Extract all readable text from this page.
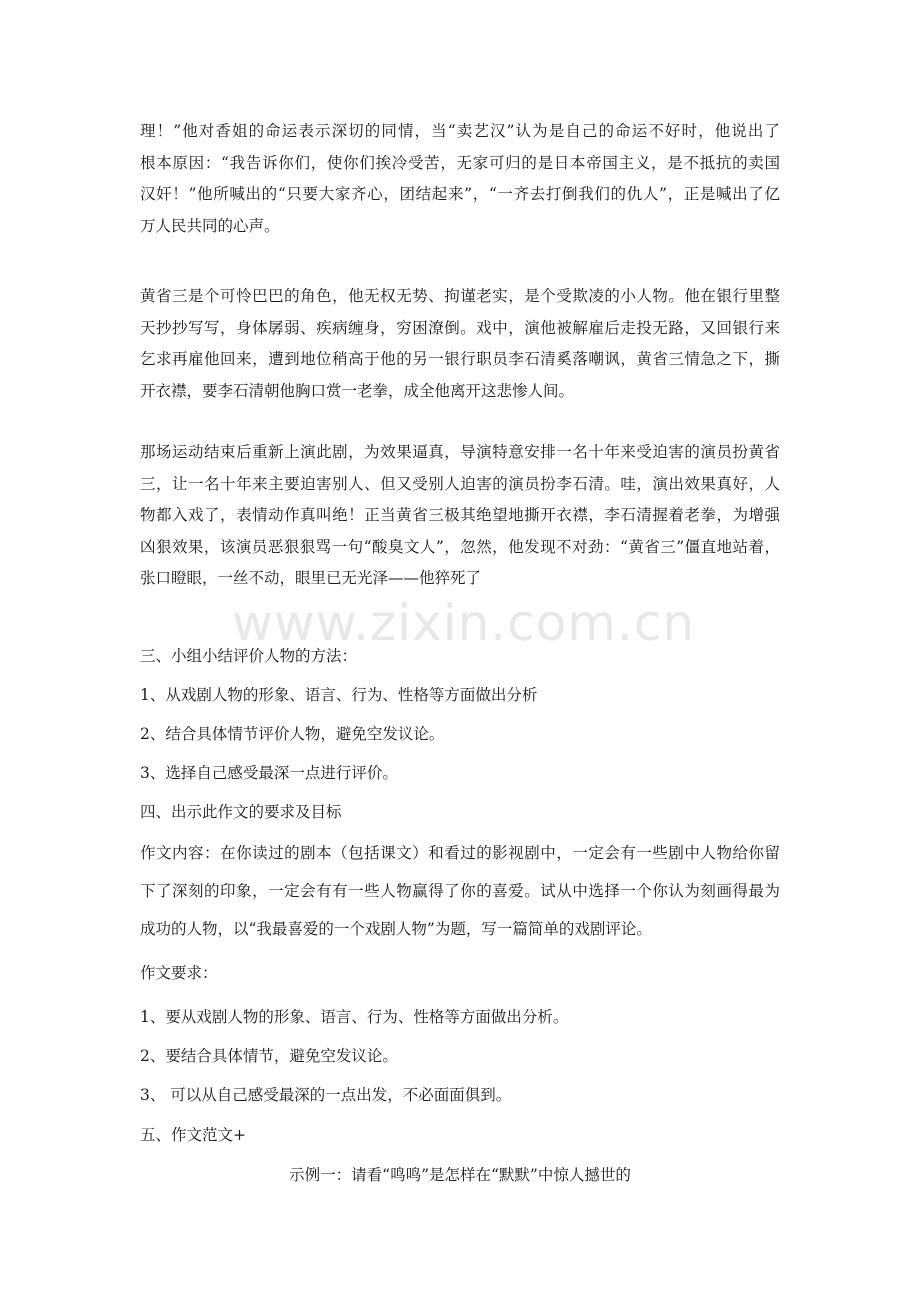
理！”他对香姐的命运表示深切的同情，当“卖艺汉”认为是自己的命运不好时，他说出了
根本原因：“我告诉你们，使你们挨冷受苦，无家可归的是日本帝国主义，是不抵抗的卖国
汉奸！”他所喊出的“只要大家齐心，团结起来”，“一齐去打倒我们的仇人”，正是喊出了亿
万人民共同的心声。
黄省三是个可怜巴巴的角色，他无权无势、拘谨老实，是个受欺凌的小人物。他在银行里整
天抄抄写写，身体孱弱、疾病缠身，穷困潦倒。戏中，演他被解雇后走投无路，又回银行来
乞求再雇他回来，遭到地位稍高于他的另一银行职员李石清奚落嘲讽，黄省三情急之下，撕
开衣襟，要李石清朝他胸口赏一老拳，成全他离开这悲惨人间。
那场运动结束后重新上演此剧，为效果逼真，导演特意安排一名十年来受迫害的演员扮黄省
三，让一名十年来主要迫害别人、但又受别人迫害的演员扮李石清。哇，演出效果真好，人
物都入戏了，表情动作真叫绝！正当黄省三极其绝望地撕开衣襟，李石清握着老拳，为增强
凶狠效果，该演员恶狠狠骂一句“酸臭文人”，忽然，他发现不对劲：“黄省三”僵直地站着，
张口瞪眼，一丝不动，眼里已无光泽——他猝死了
三、小组小结评价人物的方法：
1、从戏剧人物的形象、语言、行为、性格等方面做出分析
2、结合具体情节评价人物，避免空发议论。
3、选择自己感受最深一点进行评价。
四、出示此作文的要求及目标
作文内容：在你读过的剧本（包括课文）和看过的影视剧中，一定会有一些剧中人物给你留
下了深刻的印象，一定会有有一些人物赢得了你的喜爱。试从中选择一个你认为刻画得最为
成功的人物，以“我最喜爱的一个戏剧人物”为题，写一篇简单的戏剧评论。
作文要求：
1、要从戏剧人物的形象、语言、行为、性格等方面做出分析。
2、要结合具体情节，避免空发议论。
3、 可以从自己感受最深的一点出发，不必面面俱到。
五、作文范文+
示例一：请看“鸣鸣”是怎样在“默默”中惊人撼世的
www.zixin.com.cn
